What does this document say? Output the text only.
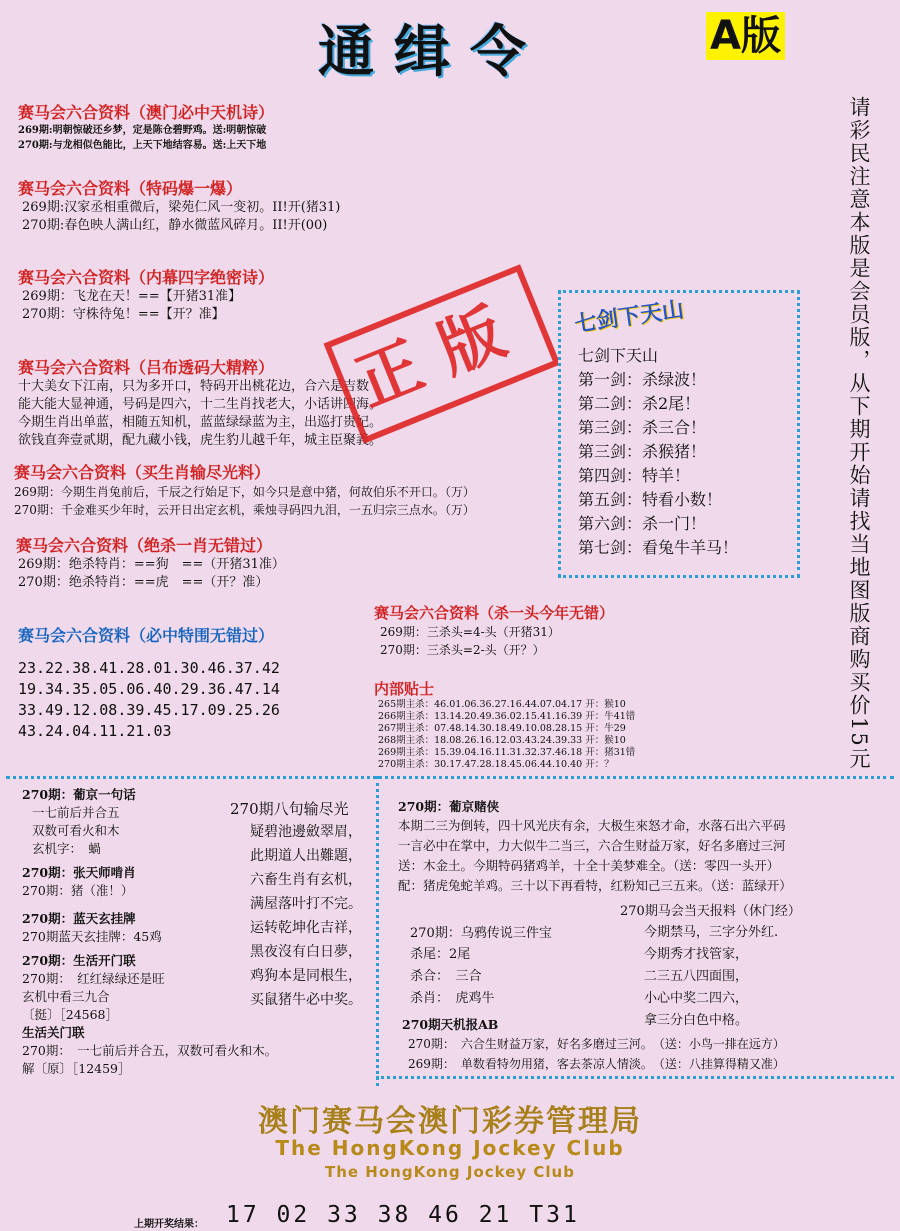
通缉令	A版
请彩民注意本版是会员版，从下期开始请找当地图版商购买价15元
赛马会六合资料（澳门必中天机诗）
269期:明朝惊破还乡梦，定是陈仓碧野鸡。送:明朝惊破
270期:与龙相似色能比，上天下地结容易。送:上天下地
赛马会六合资料（特码爆一爆）
269期:汉家丞相重微后，梁苑仁风一变初。II!开(猪31)
270期:春色映人满山红，静水微蓝风碎月。II!开(00)
赛马会六合资料（内幕四字绝密诗）
269期：飞龙在天！==【开猪31准】
270期：守株待兔！==【开？准】
赛马会六合资料（吕布透码大精粹）
十大美女下江南，只为多开口，特码开出桃花边，合六是吉数
能大能大显神通，号码是四六，十二生肖找老大，小话讲四海。
今期生肖出单蓝，相随五知机，蓝蓝绿绿蓝为主，出巡打贵妃。
欲钱直奔壹贰期，配九藏小钱，虎生豹儿越千年，城主臣聚義。
正版
赛马会六合资料（买生肖输尽光料）
269期：今期生肖兔前后，千辰之行始足下，如今只是意中猪，何故伯乐不开口。（万）
270期：千金难买少年时，云开日出定玄机，乘烛寻码四九泪，一五归宗三点水。（万）
赛马会六合资料（绝杀一肖无错过）
269期：绝杀特肖：==狗　==（开猪31准）
270期：绝杀特肖：==虎　==（开？准）
赛马会六合资料（必中特围无错过）
23.22.38.41.28.01.30.46.37.42
19.34.35.05.06.40.29.36.47.14
33.49.12.08.39.45.17.09.25.26
43.24.04.11.21.03
七剑下天山
七剑下天山
第一剑：杀绿波！
第二剑：杀2尾！
第三剑：杀三合！
第三剑：杀猴猪！
第四剑：特羊！
第五剑：特看小数！
第六剑：杀一门！
第七剑：看兔牛羊马！
赛马会六合资料（杀一头今年无错）
269期：三杀头=4-头（开猪31）
270期：三杀头=2-头（开？）
内部贴士
265期主杀：46.01.06.36.27.16.44.07.04.17 开：猴10
266期主杀：13.14.20.49.36.02.15.41.16.39 开：牛41错
267期主杀：07.48.14.30.18.49.10.08.28.15 开：牛29
268期主杀：18.08.26.16.12.03.43.24.39.33 开：猴10
269期主杀：15.39.04.16.11.31.32.37.46.18 开：猪31错
270期主杀：30.17.47.28.18.45.06.44.10.40 开：？
270期：葡京一句话
一七前后并合五
双数可看火和木
玄机字：　蝸
270期：张天师啃肖
270期：猪（准！）
270期：蓝天玄挂牌
270期蓝天玄挂牌：45鸡
270期：生活开门联
270期：　红红绿绿还是旺
玄机中看三九合
〔挺〕［24568］
生活关门联
270期：　一七前后并合五，双数可看火和木。
解〔原〕［12459］
270期八句输尽光
疑碧池邊斂翠眉，
此期道人出難題，
六畜生肖有玄机，
满屋落叶打不完。
运转乾坤化吉祥，
黑夜沒有白日夢，
鸡狗本是同根生，
买鼠猪牛必中奖。
270期：葡京赌侠
本期二三为倒转，四十风光庆有余，大极生來怒才命，水落石出六平码
一言必中在掌中，力大似牛二当三，六合生财益万家，好名多磨过三河
送：木金土。今期特码猪鸡羊，十全十美梦难全。（送：零四一头开）
配：猪虎兔蛇羊鸡。三十以下再看特，红粉知己三五来。（送：蓝绿开）
270期：乌鸦传说三件宝
杀尾：2尾
杀合：　三合
杀肖：　虎鸡牛
270期马会当天报料（休门经）
今期禁马，三字分外红.
今期秀才找管家，
二三五八四面围，
小心中奖二四六，
拿三分白色中格。
270期天机报AB
270期：　六合生财益万家，好名多磨过三河。　（送：小鸟一排在远方）
269期：　单数看特勿用猪，客去茶凉人情淡。　（送：八挂算得精又准）
澳门赛马会澳门彩券管理局
The HongKong Jockey Club
The HongKong Jockey Club
上期开奖结果： 17 02 33 38 46 21 T31
